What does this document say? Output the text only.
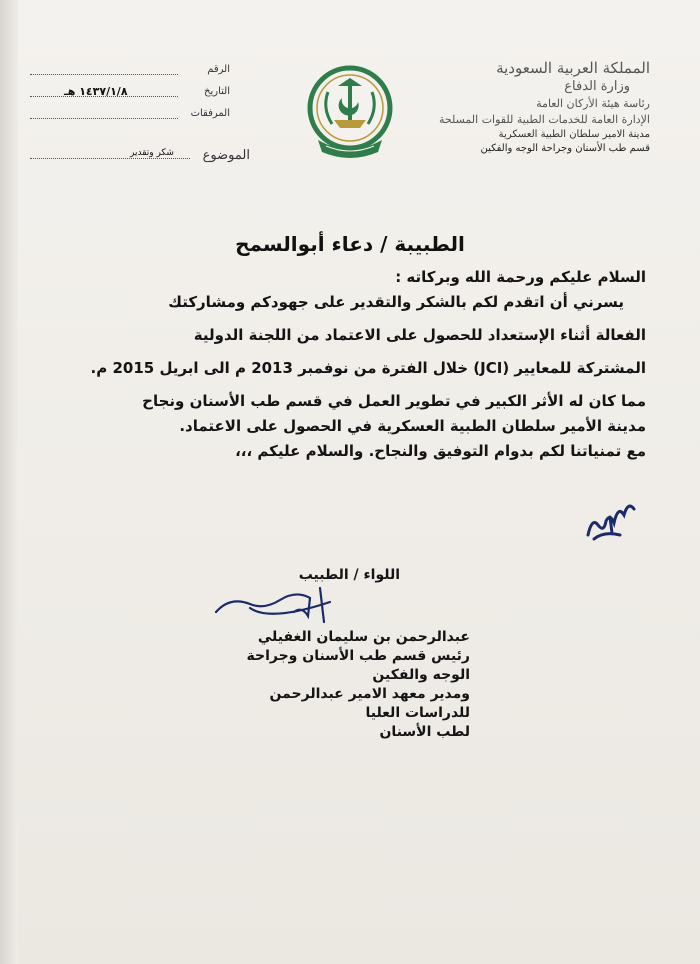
المملكة العربية السعودية
وزارة الدفاع
رئاسة هيئة الأركان العامة
الإدارة العامة للخدمات الطبية للقوات المسلحة
مدينة الامير سلطان الطبية العسكرية
قسم طب الأسنان وجراحة الوجه والفكين
الرقم
التاريخ
١٤٣٧/١/٨ هـ
المرفقات
الموضوع
شكر وتقدير
الطبيبة / دعاء أبوالسمح

السلام عليكم ورحمة الله وبركاته :

يسرني أن اتقدم لكم بالشكر والتقدير على جهودكم ومشاركتك

الفعالة أثناء الإستعداد للحصول على الاعتماد من اللجنة الدولية

المشتركة للمعايير (JCI) خلال الفترة من نوفمبر 2013 م الى ابريل 2015 م.

مما كان له الأثر الكبير في تطوير العمل في قسم طب الأسنان ونجاح

مدينة الأمير سلطان الطبية العسكرية في الحصول على الاعتماد.

مع تمنياتنا لكم بدوام التوفيق والنجاح. والسلام عليكم ،،،

اللواء / الطبيب

عبدالرحمن بن سليمان الغفيلي

رئيس قسم طب الأسنان وجراحة الوجه والفكين

ومدير معهد الامير عبدالرحمن للدراسات العليا

لطب الأسنان
